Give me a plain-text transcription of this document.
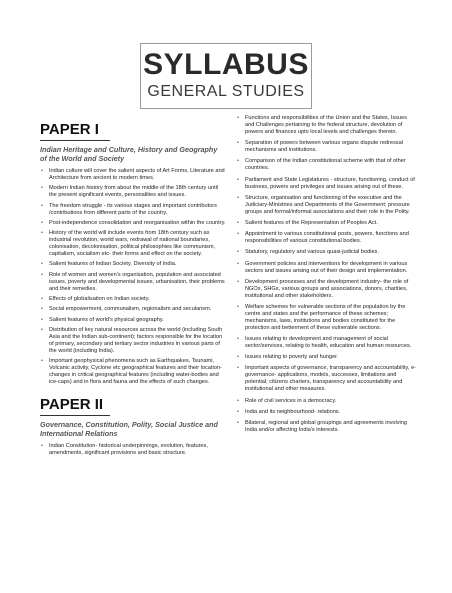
SYLLABUS
GENERAL STUDIES
PAPER I
Indian Heritage and Culture, History and Geography of the World and Society
• Indian culture will cover the salient aspects of Art Forms, Literature and Architecture from ancient to modern times.
• Modern Indian history from about the middle of the 18th century until the present significant events, personalities and issues.
• The freedom struggle - its various stages and important contributors /contributions from different parts of the country.
• Post-independence consolidation and reorganisation within the country.
• History of the world will include events from 18th century such as industrial revolution, world wars, redrawal of national boundaries, colonisation, decolonisation, political philosophies like communism, capitalism, socialism etc- their forms and effect on the society.
• Salient features of Indian Society, Diversity of India.
• Role of women and women's organisation, population and associated issues, poverty and developmental issues, urbanisation, their problems and their remedies.
• Effects of globalisation on Indian society.
• Social empowerment, communalism, regionalism and secularism.
• Salient features of world's physical geography.
• Distribution of key natural resources across the world (including South Asia and the Indian sub-continent); factors responsible for the location of primary, secondary and tertiary sector industries in various parts of the world (including India).
• Important geophysical phenomena such as Earthquakes, Tsunami, Volcanic activity, Cyclone etc geographical features and their location- changes in critical geographical features (including water-bodies and ice-caps) and in flora and fauna and the effects of such changes.
PAPER II
Governance, Constitution, Polity, Social Justice and International Relations
• Indian Constitution- historical underpinnings, evolution, features, amendments, significant provisions and basic structure.
• Functions and responsibilities of the Union and the States, Issues and Challenges pertaining to the federal structure, devolution of powers and finances upto local levels and challenges therein.
• Separation of powers between various organs dispute redressal mechanisms and institutions.
• Comparison of the Indian constitutional scheme with that of other countries.
• Parliament and State Legislatures - structure, functioning, conduct of business, powers and privileges and issues arising out of these.
• Structure, organisation and functioning of the executive and the Judiciary-Ministries and Departments of the Government; pressure groups and formal/informal associations and their role in the Polity.
• Salient features of the Representation of Peoples Act.
• Appointment to various constitutional posts, powers, functions and responsibilities of various constitutional bodies.
• Statutory, regulatory and various quasi-judicial bodies.
• Government policies and interventions for development in various sectors and issues arising out of their design and implementation.
• Development processes and the development industry- the role of NGOs, SHGs, various groups and associations, donors, charities, institutional and other stakeholders.
• Welfare schemes for vulnerable sections of the population by the centre and states and the performance of these schemes; mechanisms, laws, institutions and bodies constituted for the protection and betterment of these vulnerable sections.
• Issues relating to development and management of social sector/services, relating to health, education and human resources.
• Issues relating to poverty and hunger.
• Important aspects of governance, transparency and accountability, e-governance- applications, models, successes, limitations and potential; citizens charters, transparency and accountability and institutional and other measures.
• Role of civil services in a democracy.
• India and its neighbourhood- relations.
• Bilateral, regional and global groupings and agreements involving India and/or affecting India's interests.
